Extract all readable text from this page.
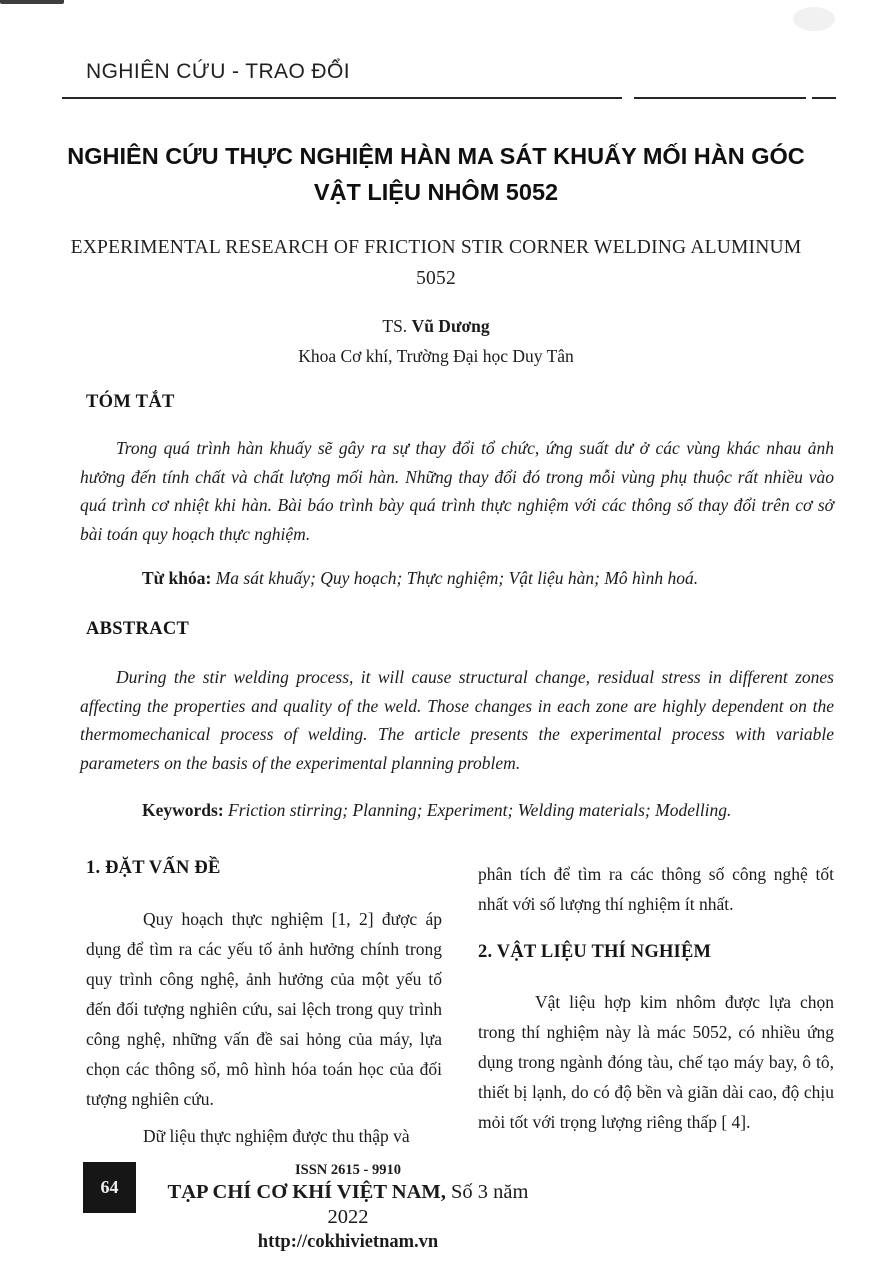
NGHIÊN CỨU - TRAO ĐỔI
NGHIÊN CỨU THỰC NGHIỆM HÀN MA SÁT KHUẤY MỐI HÀN GÓC
VẬT LIỆU NHÔM 5052
EXPERIMENTAL RESEARCH OF FRICTION STIR CORNER WELDING ALUMINUM
5052
TS. Vũ Dương
Khoa Cơ khí, Trường Đại học Duy Tân
TÓM TẮT
Trong quá trình hàn khuấy sẽ gây ra sự thay đổi tổ chức, ứng suất dư ở các vùng khác nhau ảnh hưởng đến tính chất và chất lượng mối hàn. Những thay đổi đó trong mỗi vùng phụ thuộc rất nhiều vào quá trình cơ nhiệt khi hàn. Bài báo trình bày quá trình thực nghiệm với các thông số thay đổi trên cơ sở bài toán quy hoạch thực nghiệm.
Từ khóa: Ma sát khuấy; Quy hoạch; Thực nghiệm; Vật liệu hàn; Mô hình hoá.
ABSTRACT
During the stir welding process, it will cause structural change, residual stress in different zones affecting the properties and quality of the weld. Those changes in each zone are highly dependent on the thermomechanical process of welding. The article presents the experimental process with variable parameters on the basis of the experimental planning problem.
Keywords: Friction stirring; Planning; Experiment; Welding materials; Modelling.
1. ĐẶT VẤN ĐỀ

Quy hoạch thực nghiệm [1, 2] được áp dụng để tìm ra các yếu tố ảnh hưởng chính trong quy trình công nghệ, ảnh hưởng của một yếu tố đến đối tượng nghiên cứu, sai lệch trong quy trình công nghệ, những vấn đề sai hỏng của máy, lựa chọn các thông số, mô hình hóa toán học của đối tượng nghiên cứu.

Dữ liệu thực nghiệm được thu thập và

phân tích để tìm ra các thông số công nghệ tốt nhất với số lượng thí nghiệm ít nhất.

2. VẬT LIỆU THÍ NGHIỆM

Vật liệu hợp kim nhôm được lựa chọn trong thí nghiệm này là mác 5052, có nhiều ứng dụng trong ngành đóng tàu, chế tạo máy bay, ô tô, thiết bị lạnh, do có độ bền và giãn dài cao, độ chịu mỏi tốt với trọng lượng riêng thấp [ 4].

64
ISSN 2615 - 9910
TẠP CHÍ CƠ KHÍ VIỆT NAM, Số 3 năm 2022
http://cokhivietnam.vn
